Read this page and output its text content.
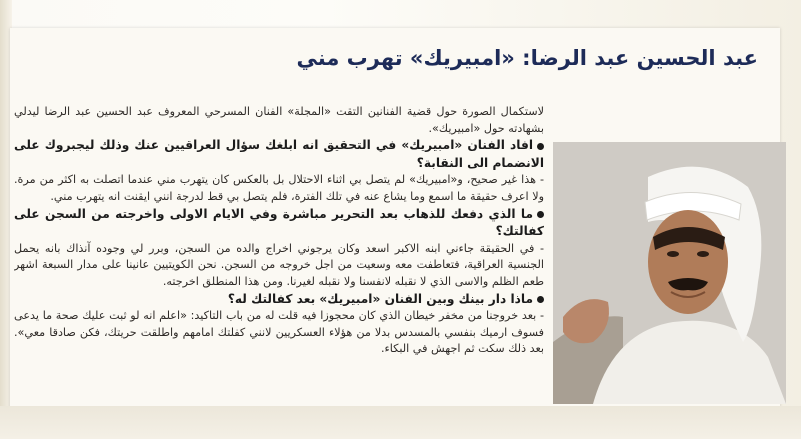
عبد الحسين عبد الرضا: «امبيريك» تهرب مني

لاستكمال الصورة حول قضية الفنانين التقت «المجلة» الفنان المسرحي المعروف عبد الحسين عبد الرضا ليدلي بشهادته حول «امبيريك».

افاد الفنان «امبيريك» في التحقيق انه ابلغك سؤال العراقيين عنك وذلك ليجبروك على الانضمام الى النقابة؟

- هذا غير صحيح، و«امبيريك» لم يتصل بي اثناء الاحتلال بل بالعكس كان يتهرب مني عندما اتصلت به اكثر من مرة. ولا اعرف حقيقة ما اسمع وما يشاع عنه في تلك الفترة، فلم يتصل بي قط لدرجة انني ايقنت انه يتهرب مني.

ما الذي دفعك للذهاب بعد التحرير مباشرة وفي الايام الاولى واخرجته من السجن على كفالتك؟

- في الحقيقة جاءني ابنه الاكبر اسعد وكان يرجوني اخراج والده من السجن، وبرر لي وجوده آنذاك بانه يحمل الجنسية العراقية، فتعاطفت معه وسعيت من اجل خروجه من السجن. نحن الكويتيين عانينا على مدار السبعة اشهر طعم الظلم والاسى الذي لا نقبله لانفسنا ولا نقبله لغيرنا. ومن هذا المنطلق اخرجته.

ماذا دار بينك وبين الفنان «امبيريك» بعد كفالتك له؟

- بعد خروجنا من مخفر خيطان الذي كان محجوزا فيه قلت له من باب التاكيد: «اعلم انه لو ثبت عليك صحة ما يدعى فسوف ارميك بنفسي بالمسدس بدلا من هؤلاء العسكريين لانني كفلتك امامهم واطلقت حريتك، فكن صادقا معي». بعد ذلك سكت ثم اجهش في البكاء.
